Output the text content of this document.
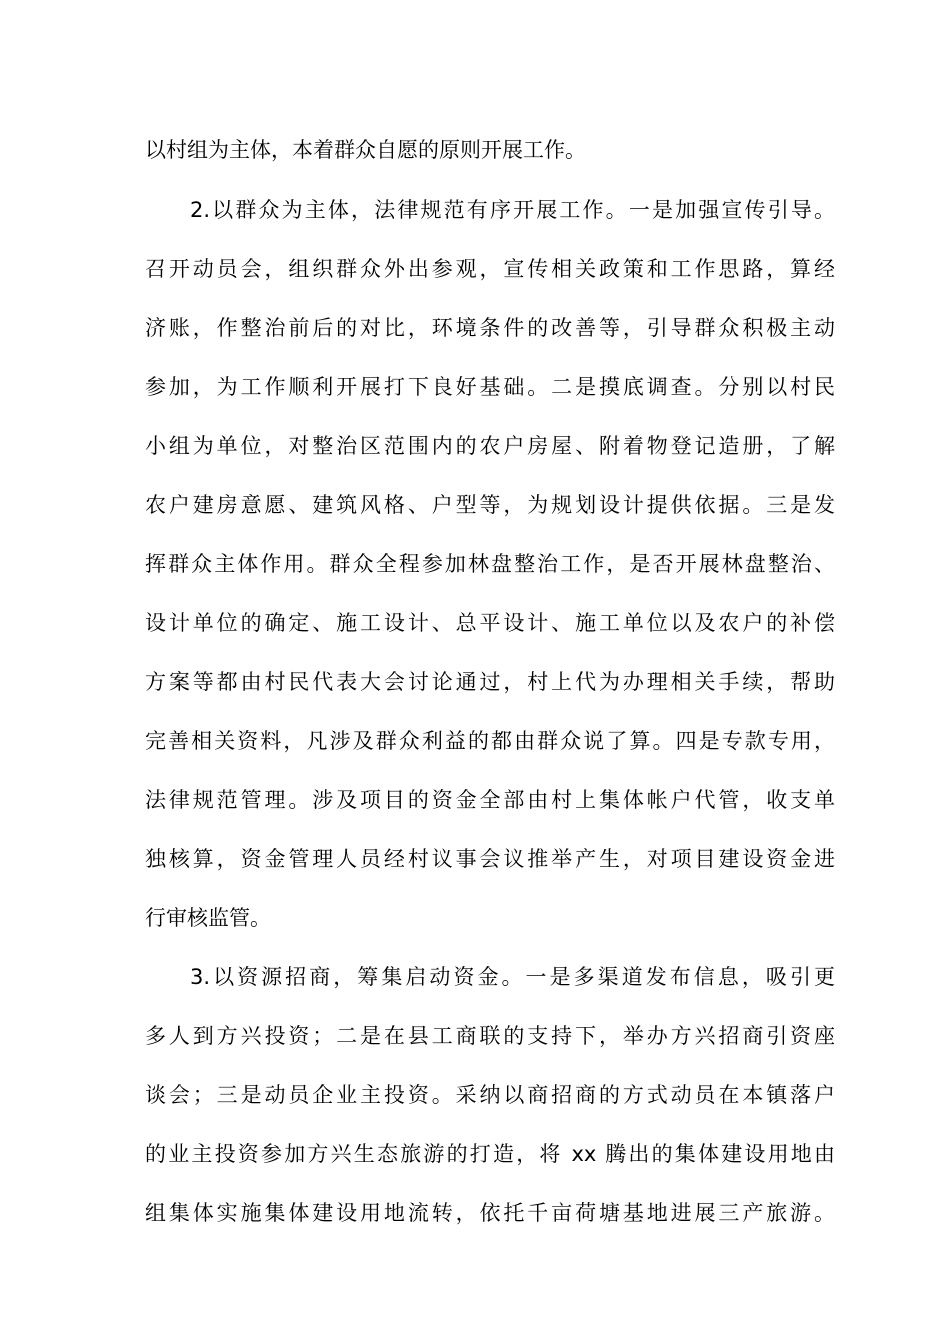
以村组为主体，本着群众自愿的原则开展工作。
2.以群众为主体，法律规范有序开展工作。一是加强宣传引导。
召开动员会，组织群众外出参观，宣传相关政策和工作思路，算经
济账，作整治前后的对比，环境条件的改善等，引导群众积极主动
参加，为工作顺利开展打下良好基础。二是摸底调查。分别以村民
小组为单位，对整治区范围内的农户房屋、附着物登记造册，了解
农户建房意愿、建筑风格、户型等，为规划设计提供依据。三是发
挥群众主体作用。群众全程参加林盘整治工作，是否开展林盘整治、
设计单位的确定、施工设计、总平设计、施工单位以及农户的补偿
方案等都由村民代表大会讨论通过，村上代为办理相关手续，帮助
完善相关资料，凡涉及群众利益的都由群众说了算。四是专款专用，
法律规范管理。涉及项目的资金全部由村上集体帐户代管，收支单
独核算，资金管理人员经村议事会议推举产生，对项目建设资金进
行审核监管。
3.以资源招商，筹集启动资金。一是多渠道发布信息，吸引更
多人到方兴投资；二是在县工商联的支持下，举办方兴招商引资座
谈会；三是动员企业主投资。采纳以商招商的方式动员在本镇落户
的业主投资参加方兴生态旅游的打造，将 xx 腾出的集体建设用地由
组集体实施集体建设用地流转，依托千亩荷塘基地进展三产旅游。
